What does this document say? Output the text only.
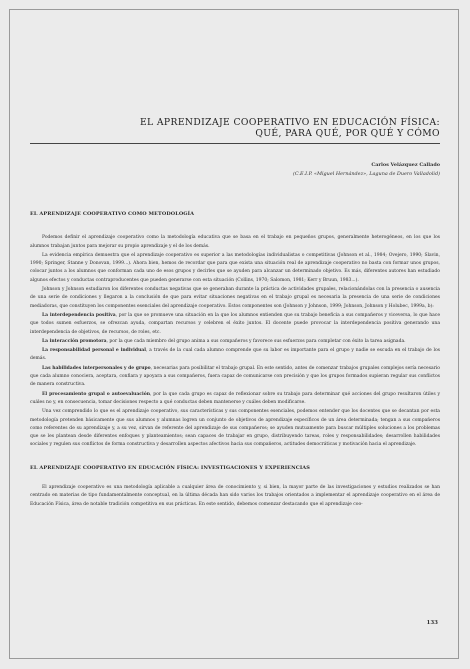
EL APRENDIZAJE COOPERATIVO EN EDUCACIÓN FÍSICA:
QUÉ, PARA QUÉ, POR QUÉ Y CÓMO
Carlos Velázquez Callado
(C.E.I.P. «Miguel Hernández», Laguna de Duero Valladolid)
EL APRENDIZAJE COOPERATIVO COMO METODOLOGÍA

Podemos definir el aprendizaje cooperativo como la metodología educativa que se basa en el trabajo en pequeños grupos, generalmente heterogéneos, en los que los alumnos trabajan juntos para mejorar su propio aprendizaje y el de los demás.

La evidencia empírica demuestra que el aprendizaje cooperativo es superior a las metodologías individualistas o competitivas (Johnson et al., 1984; Ovejero, 1990; Slavin, 1990; Springer, Stanne y Donovan, 1999...). Ahora bien, hemos de recordar que para que exista una situación real de aprendizaje cooperativo no basta con formar unos grupos, colocar juntos a los alumnos que conforman cada uno de esos grupos y decirles que se ayuden para alcanzar un determinado objetivo. Es más, diferentes autores han estudiado algunos efectos y conductas contraproducentes que pueden generarse con esta situación (Collins, 1970; Salomon, 1981; Kerr y Bruun, 1983...).

Johnson y Johnson estudiaron los diferentes conductas negativas que se generaban durante la práctica de actividades grupales, relacionándolas con la presencia o ausencia de una serie de condiciones y llegaron a la conclusión de que para evitar situaciones negativas en el trabajo grupal es necesaria la presencia de una serie de condiciones mediadoras, que constituyen los componentes esenciales del aprendizaje cooperativo. Estos componentes son (Johnson y Johnson, 1999; Johnson, Johnson y Holubec, 1999a, b):

La interdependencia positiva, por la que se promueve una situación en la que los alumnos entienden que su trabajo beneficia a sus compañeros y viceversa, lo que hace que todos sumen esfuerzos, se ofrezcan ayuda, compartan recursos y celebren el éxito juntos. El docente puede provocar la interdependencia positiva generando una interdependencia de objetivos, de recursos, de roles, etc.

La interacción promotora, por la que cada miembro del grupo anima a sus compañeros y favorece sus esfuerzos para completar con éxito la tarea asignada.

La responsabilidad personal e individual, a través de la cual cada alumno comprende que su labor es importante para el grupo y nadie se escuda en el trabajo de los demás.

Las habilidades interpersonales y de grupo, necesarias para posibilitar el trabajo grupal. En este sentido, antes de comenzar trabajos grupales complejos sería necesario que cada alumno conociera, aceptara, confiara y apoyara a sus compañeros, fuera capaz de comunicarse con precisión y que los grupos formados supieran regular sus conflictos de manera constructiva.

El procesamiento grupal o autoevaluación, por la que cada grupo es capaz de reflexionar sobre su trabajo para determinar qué acciones del grupo resultaron útiles y cuáles no y, en consecuencia, tomar decisiones respecto a qué conductas deben mantenerse y cuáles deben modificarse.

Una vez comprendido lo que es el aprendizaje cooperativo, sus características y sus componentes esenciales, podemos entender que los docentes que se decantan por esta metodología pretenden básicamente que sus alumnos y alumnas logren un conjunto de objetivos de aprendizaje específicos de un área determinada; tengan a sus compañeros como referentes de su aprendizaje y, a su vez, sirvan de referente del aprendizaje de sus compañeros; se ayuden mutuamente para buscar múltiples soluciones a los problemas que se les plantean desde diferentes enfoques y planteamientos; sean capaces de trabajar en grupo, distribuyendo tareas, roles y responsabilidades; desarrollen habilidades sociales y regulen sus conflictos de forma constructiva y desarrollen aspectos afectivos hacia sus compañeros, actitudes democráticas y motivación hacia el aprendizaje.

EL APRENDIZAJE COOPERATIVO EN EDUCACIÓN FÍSICA: INVESTIGACIONES Y EXPERIENCIAS

El aprendizaje cooperativo es una metodología aplicable a cualquier área de conocimiento y, si bien, la mayor parte de las investigaciones y estudios realizados se han centrado en materias de tipo fundamentalmente conceptual, en la última década han sido varios los trabajos orientados a implementar el aprendizaje cooperativo en el área de Educación Física, área de notable tradición competitiva en sus prácticas. En este sentido, debemos comenzar destacando que el aprendizaje coo-

133
